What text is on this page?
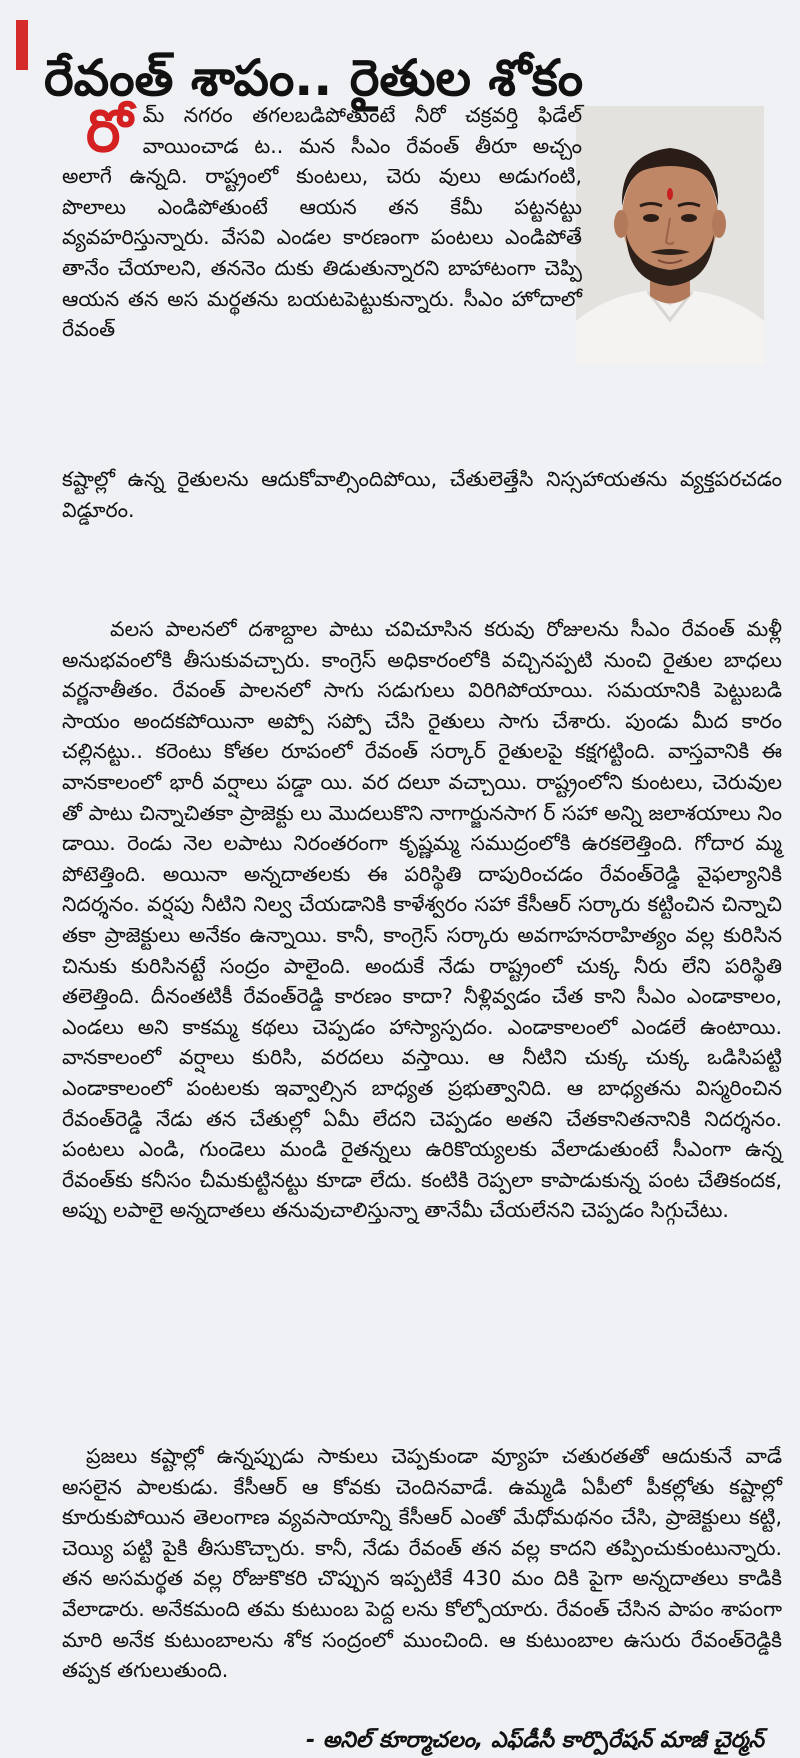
రేవంత్ శాపం.. రైతుల శోకం

రోమ్ నగరం తగలబడిపోతుంటే నీరో చక్రవర్తి ఫిడేల్ వాయించాడ ట.. మన సీఎం రేవంత్ తీరూ అచ్చం అలాగే ఉన్నది. రాష్ట్రంలో కుంటలు, చెరు వులు అడుగంటి, పొలాలు ఎండిపోతుంటే ఆయన తన కేమీ పట్టనట్టు వ్యవహరిస్తున్నారు. వేసవి ఎండల కారణంగా పంటలు ఎండిపోతే తానేం చేయాలని, తననెం దుకు తిడుతున్నారని బాహాటంగా చెప్పి ఆయన తన అస మర్థతను బయటపెట్టుకున్నారు. సీఎం హోదాలో రేవంత్

కష్టాల్లో ఉన్న రైతులను ఆదుకోవాల్సిందిపోయి, చేతులెత్తేసి నిస్సహాయతను వ్యక్తపరచడం విడ్డూరం.

వలస పాలనలో దశాబ్దాల పాటు చవిచూసిన కరువు రోజులను సీఎం రేవంత్ మళ్లీ అనుభవంలోకి తీసుకువచ్చారు. కాంగ్రెస్ అధికారంలోకి వచ్చినప్పటి నుంచి రైతుల బాధలు వర్ణనాతీతం. రేవంత్ పాలనలో సాగు సడుగులు విరిగిపోయాయి. సమయానికి పెట్టుబడి సాయం అందకపోయినా అప్పో సప్పో చేసి రైతులు సాగు చేశారు. పుండు మీద కారం చల్లినట్టు.. కరెంటు కోతల రూపంలో రేవంత్ సర్కార్ రైతులపై కక్షగట్టింది. వాస్తవానికి ఈ వానకాలంలో భారీ వర్షాలు పడ్డా యి. వర దలూ వచ్చాయి. రాష్ట్రంలోని కుంటలు, చెరువుల తో పాటు చిన్నాచితకా ప్రాజెక్టు లు మొదలుకొని నాగార్జునసాగ ర్ సహా అన్ని జలాశయాలు నిం డాయి. రెండు నెల లపాటు నిరంతరంగా కృష్ణమ్మ సముద్రంలోకి ఉరకలెత్తింది. గోదార మ్మ పోటెత్తింది. అయినా అన్నదాతలకు ఈ పరిస్థితి దాపురించడం రేవంత్‌రెడ్డి వైఫల్యానికి నిదర్శనం. వర్షపు నీటిని నిల్వ చేయడానికి కాళేశ్వరం సహా కేసీఆర్ సర్కారు కట్టించిన చిన్నాచి తకా ప్రాజెక్టులు అనేకం ఉన్నాయి. కానీ, కాంగ్రెస్ సర్కారు అవగాహనరాహిత్యం వల్ల కురిసిన చినుకు కురిసినట్టే సంద్రం పాలైంది. అందుకే నేడు రాష్ట్రంలో చుక్క నీరు లేని పరిస్థితి తలెత్తింది. దీనంతటికీ రేవంత్‌రెడ్డి కారణం కాదా? నీళ్లివ్వడం చేత కాని సీఎం ఎండాకాలం, ఎండలు అని కాకమ్మ కథలు చెప్పడం హాస్యాస్పదం. ఎండాకాలంలో ఎండలే ఉంటాయి. వానకాలంలో వర్షాలు కురిసి, వరదలు వస్తాయి. ఆ నీటిని చుక్క చుక్క ఒడిసిపట్టి ఎండాకాలంలో పంటలకు ఇవ్వాల్సిన బాధ్యత ప్రభుత్వానిది. ఆ బాధ్యతను విస్మరించిన రేవంత్‌రెడ్డి నేడు తన చేతుల్లో ఏమీ లేదని చెప్పడం అతని చేతకానితనానికి నిదర్శనం. పంటలు ఎండి, గుండెలు మండి రైతన్నలు ఉరికొయ్యలకు వేలాడుతుంటే సీఎంగా ఉన్న రేవంత్‌కు కనీసం చీమకుట్టినట్టు కూడా లేదు. కంటికి రెప్పలా కాపాడుకున్న పంట చేతికందక, అప్పు లపాలై అన్నదాతలు తనువుచాలిస్తున్నా తానేమీ చేయలేనని చెప్పడం సిగ్గుచేటు.

ప్రజలు కష్టాల్లో ఉన్నప్పుడు సాకులు చెప్పకుండా వ్యూహ చతురతతో ఆదుకునే వాడే అసలైన పాలకుడు. కేసీఆర్ ఆ కోవకు చెందినవాడే. ఉమ్మడి ఏపీలో పీకల్లోతు కష్టాల్లో కూరుకుపోయిన తెలంగాణ వ్యవసాయాన్ని కేసీఆర్ ఎంతో మేధోమథనం చేసి, ప్రాజెక్టులు కట్టి, చెయ్యి పట్టి పైకి తీసుకొచ్చారు. కానీ, నేడు రేవంత్ తన వల్ల కాదని తప్పించుకుంటున్నారు. తన అసమర్థత వల్ల రోజుకొకరి చొప్పున ఇప్పటికే 430 మం దికి పైగా అన్నదాతలు కాడికి వేలాడారు. అనేకమంది తమ కుటుంబ పెద్ద లను కోల్పోయారు. రేవంత్ చేసిన పాపం శాపంగా మారి అనేక కుటుంబాలను శోక సంద్రంలో ముంచింది. ఆ కుటుంబాల ఉసురు రేవంత్‌రెడ్డికి తప్పక తగులుతుంది.

- అనిల్ కూర్మాచలం, ఎఫ్‌డీసీ కార్పొరేషన్ మాజీ చైర్మన్
